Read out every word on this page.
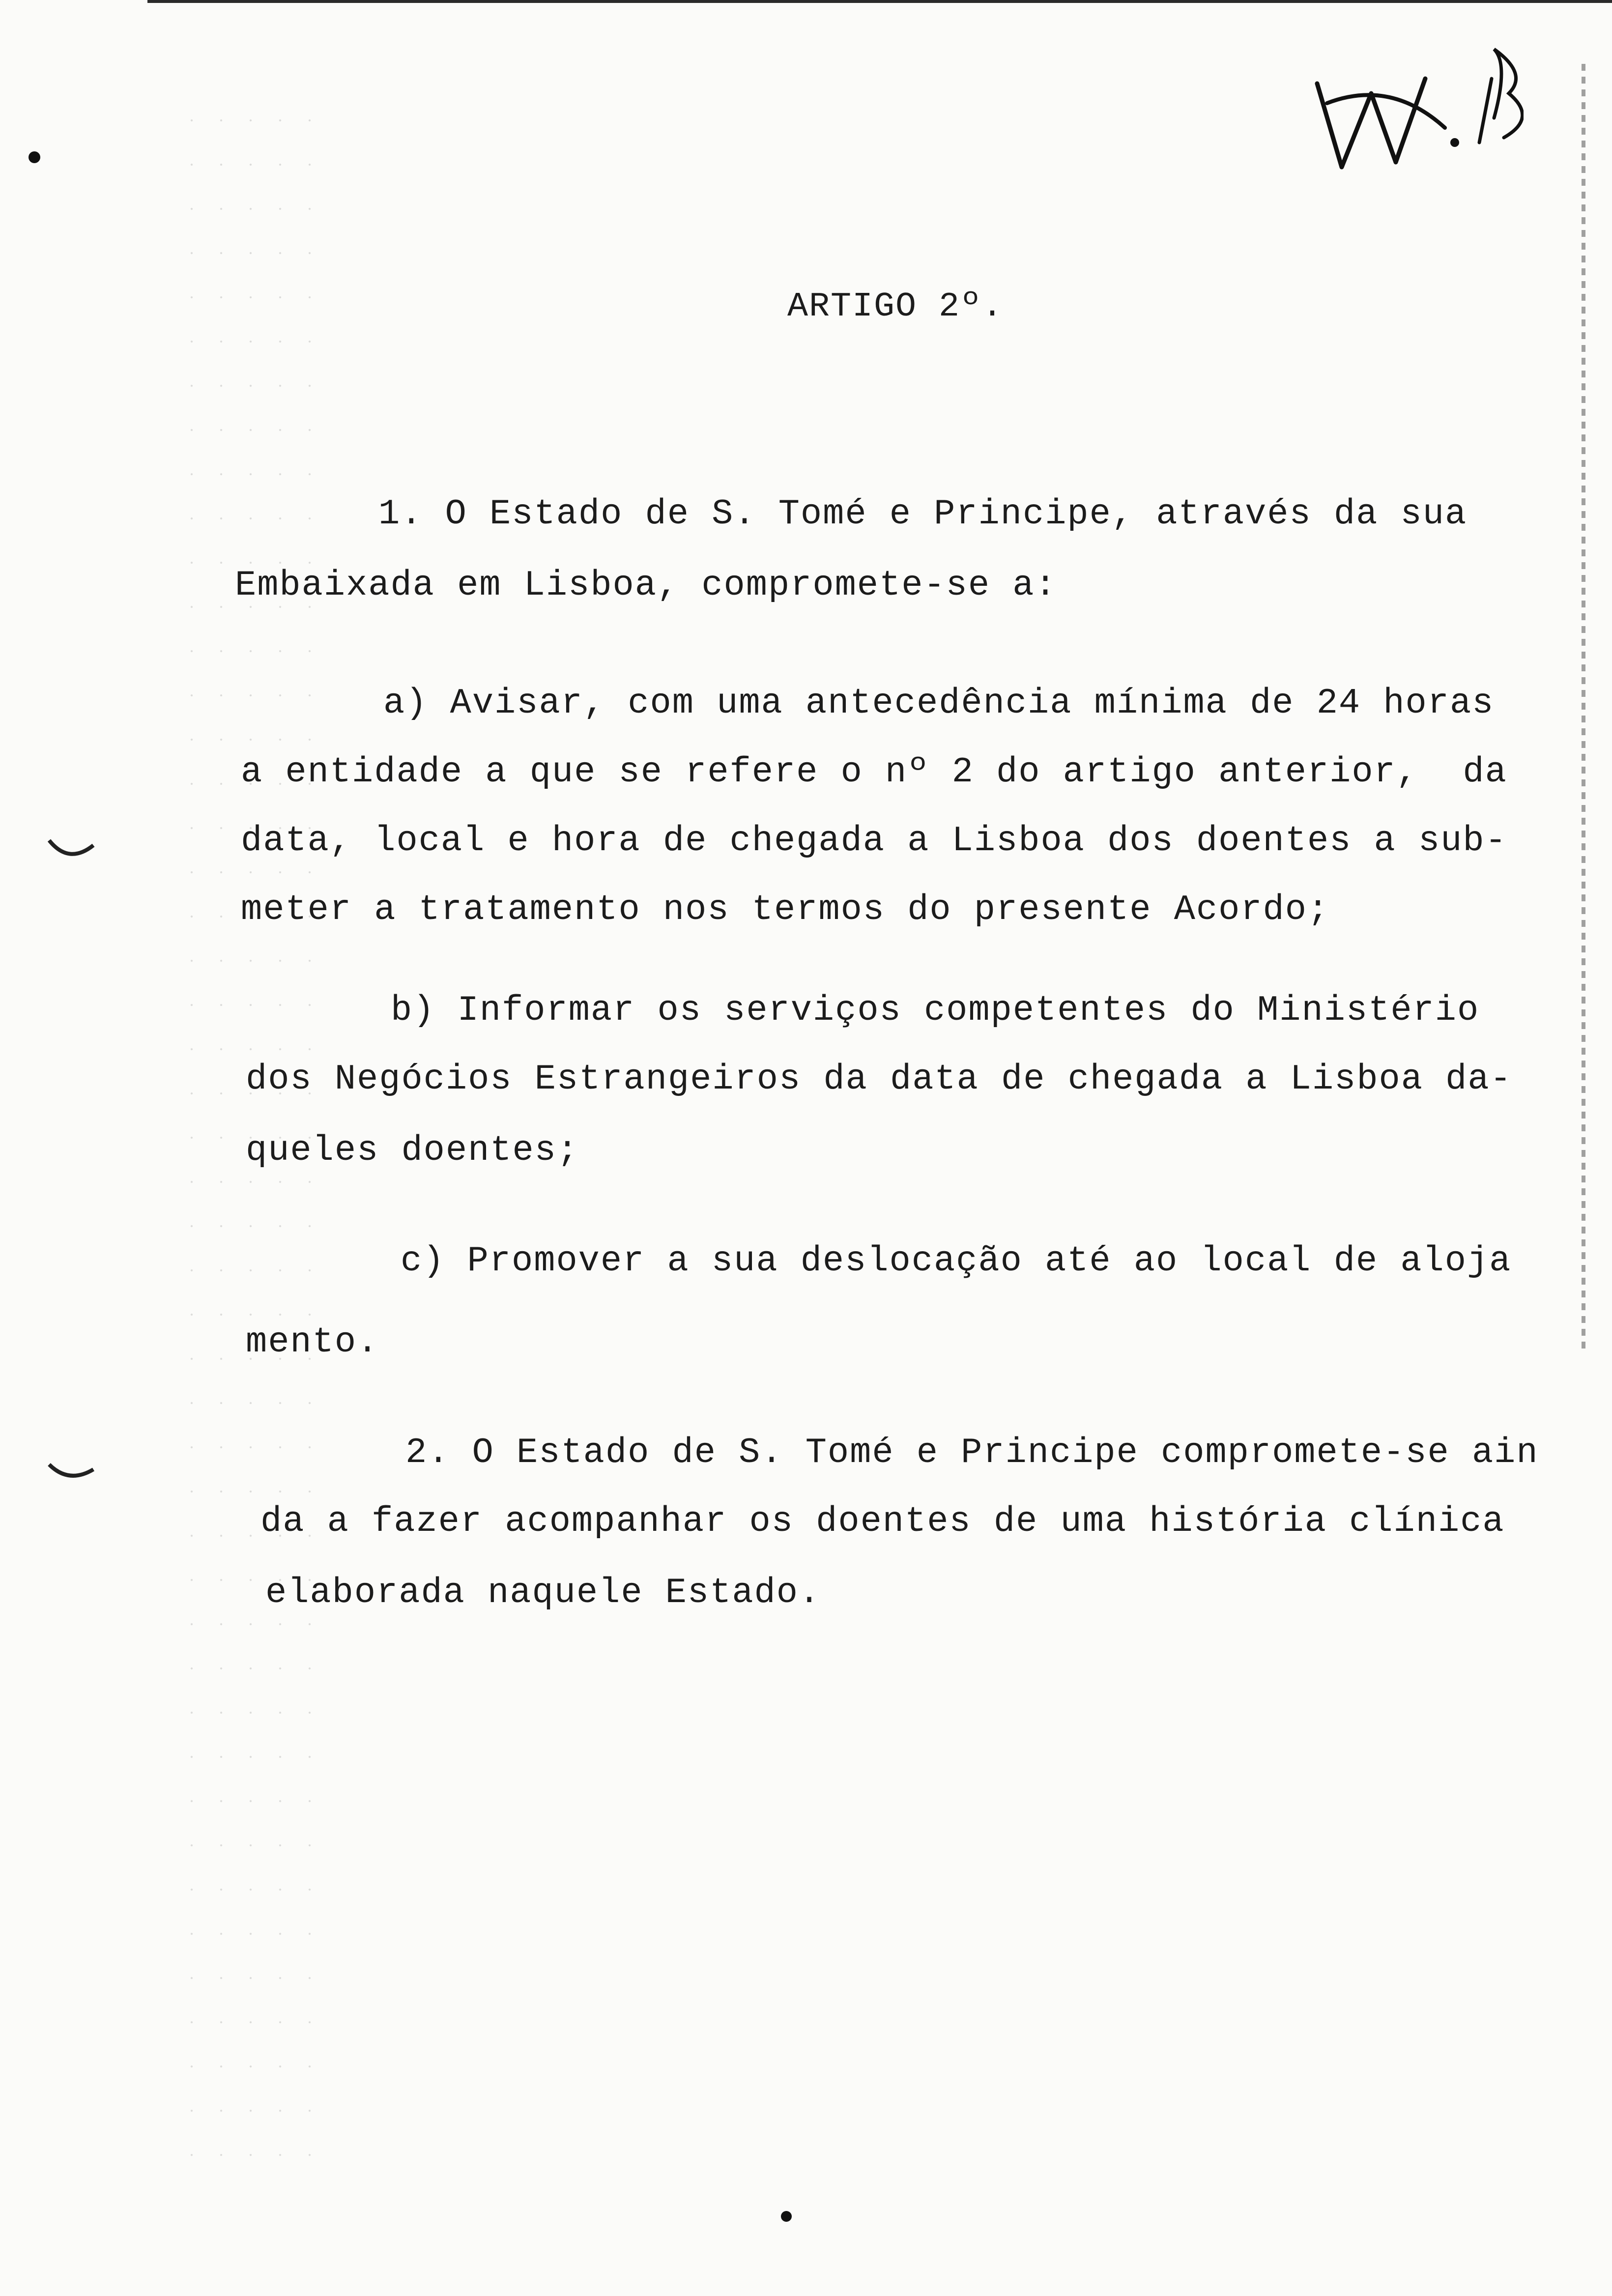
ARTIGO 2º.
1. O Estado de S. Tomé e Principe, através da sua
Embaixada em Lisboa, compromete-se a:
a) Avisar, com uma antecedência mínima de 24 horas
a entidade a que se refere o nº 2 do artigo anterior,  da
data, local e hora de chegada a Lisboa dos doentes a sub-
meter a tratamento nos termos do presente Acordo;
b) Informar os serviços competentes do Ministério
dos Negócios Estrangeiros da data de chegada a Lisboa da-
queles doentes;
c) Promover a sua deslocação até ao local de aloja
mento.
2. O Estado de S. Tomé e Principe compromete-se ain
da a fazer acompanhar os doentes de uma história clínica
elaborada naquele Estado.
